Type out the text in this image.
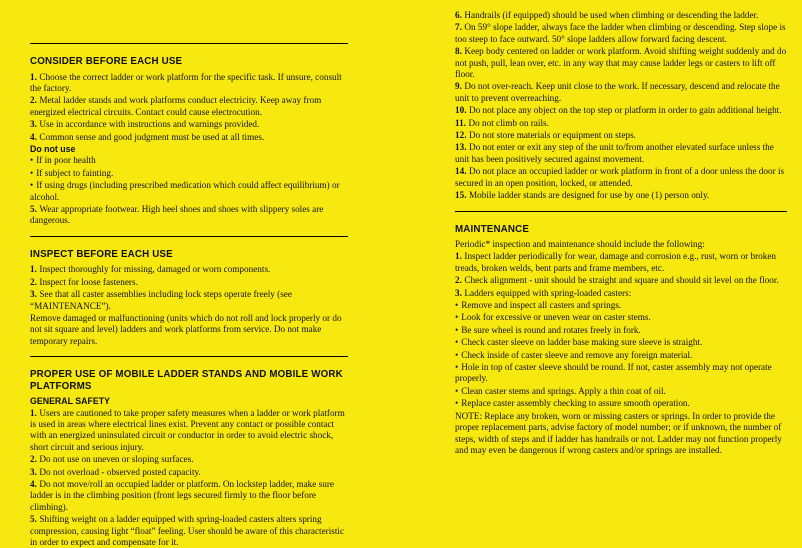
CONSIDER BEFORE EACH USE

1. Choose the correct ladder or work platform for the specific task. If unsure, consult the factory.

2. Metal ladder stands and work platforms conduct electricity. Keep away from energized electrical circuits. Contact could cause electrocution.

3. Use in accordance with instructions and warnings provided.

4. Common sense and good judgment must be used at all times.

Do not use

• If in poor health

• If subject to fainting.

• If using drugs (including prescribed medication which could affect equilibrium) or alcohol.

5. Wear appropriate footwear. High heel shoes and shoes with slippery soles are dangerous.

INSPECT BEFORE EACH USE

1. Inspect thoroughly for missing, damaged or worn components.

2. Inspect for loose fasteners.

3. See that all caster assemblies including lock steps operate freely (see “MAINTENANCE”).

Remove damaged or malfunctioning (units which do not roll and lock properly or do not sit square and level) ladders and work platforms from service. Do not make temporary repairs.

PROPER USE OF MOBILE LADDER STANDS AND MOBILE WORK PLATFORMS
GENERAL SAFETY

1. Users are cautioned to take proper safety measures when a ladder or work platform is used in areas where electrical lines exist. Prevent any contact or possible contact with an energized uninsulated circuit or conductor in order to avoid electric shock, short circuit and serious injury.

2. Do not use on uneven or sloping surfaces.

3. Do not overload - observed posted capacity.

4. Do not move/roll an occupied ladder or platform. On lockstep ladder, make sure ladder is in the climbing position (front legs secured firmly to the floor before climbing).

5. Shifting weight on a ladder equipped with spring-loaded casters alters spring compression, causing light “float” feeling. User should be aware of this characteristic in order to expect and compensate for it.

6. Handrails (if equipped) should be used when climbing or descending the ladder.

7. On 59° slope ladder, always face the ladder when climbing or descending. Step slope is too steep to face outward. 50° slope ladders allow forward facing descent.

8. Keep body centered on ladder or work platform. Avoid shifting weight suddenly and do not push, pull, lean over, etc. in any way that may cause ladder legs or casters to lift off floor.

9. Do not over-reach. Keep unit close to the work. If necessary, descend and relocate the unit to prevent overreaching.

10. Do not place any object on the top step or platform in order to gain additional height.

11. Do not climb on rails.

12. Do not store materials or equipment on steps.

13. Do not enter or exit any step of the unit to/from another elevated surface unless the unit has been positively secured against movement.

14. Do not place an occupied ladder or work platform in front of a door unless the door is secured in an open position, locked, or attended.

15. Mobile ladder stands are designed for use by one (1) person only.

MAINTENANCE

Periodic* inspection and maintenance should include the following:

1. Inspect ladder periodically for wear, damage and corrosion e.g., rust, worn or broken treads, broken welds, bent parts and frame members, etc.

2. Check alignment - unit should be straight and square and should sit level on the floor.

3. Ladders equipped with spring-loaded casters:

• Remove and inspect all casters and springs.

• Look for excessive or uneven wear on caster stems.

• Be sure wheel is round and rotates freely in fork.

• Check caster sleeve on ladder base making sure sleeve is straight.

• Check inside of caster sleeve and remove any foreign material.

• Hole in top of caster sleeve should be round. If not, caster assembly may not operate properly.

• Clean caster stems and springs. Apply a thin coat of oil.

• Replace caster assembly checking to assure smooth operation.

NOTE: Replace any broken, worn or missing casters or springs. In order to provide the proper replacement parts, advise factory of model number; or if unknown, the number of steps, width of steps and if ladder has handrails or not. Ladder may not function properly and may even be dangerous if wrong casters and/or springs are installed.
